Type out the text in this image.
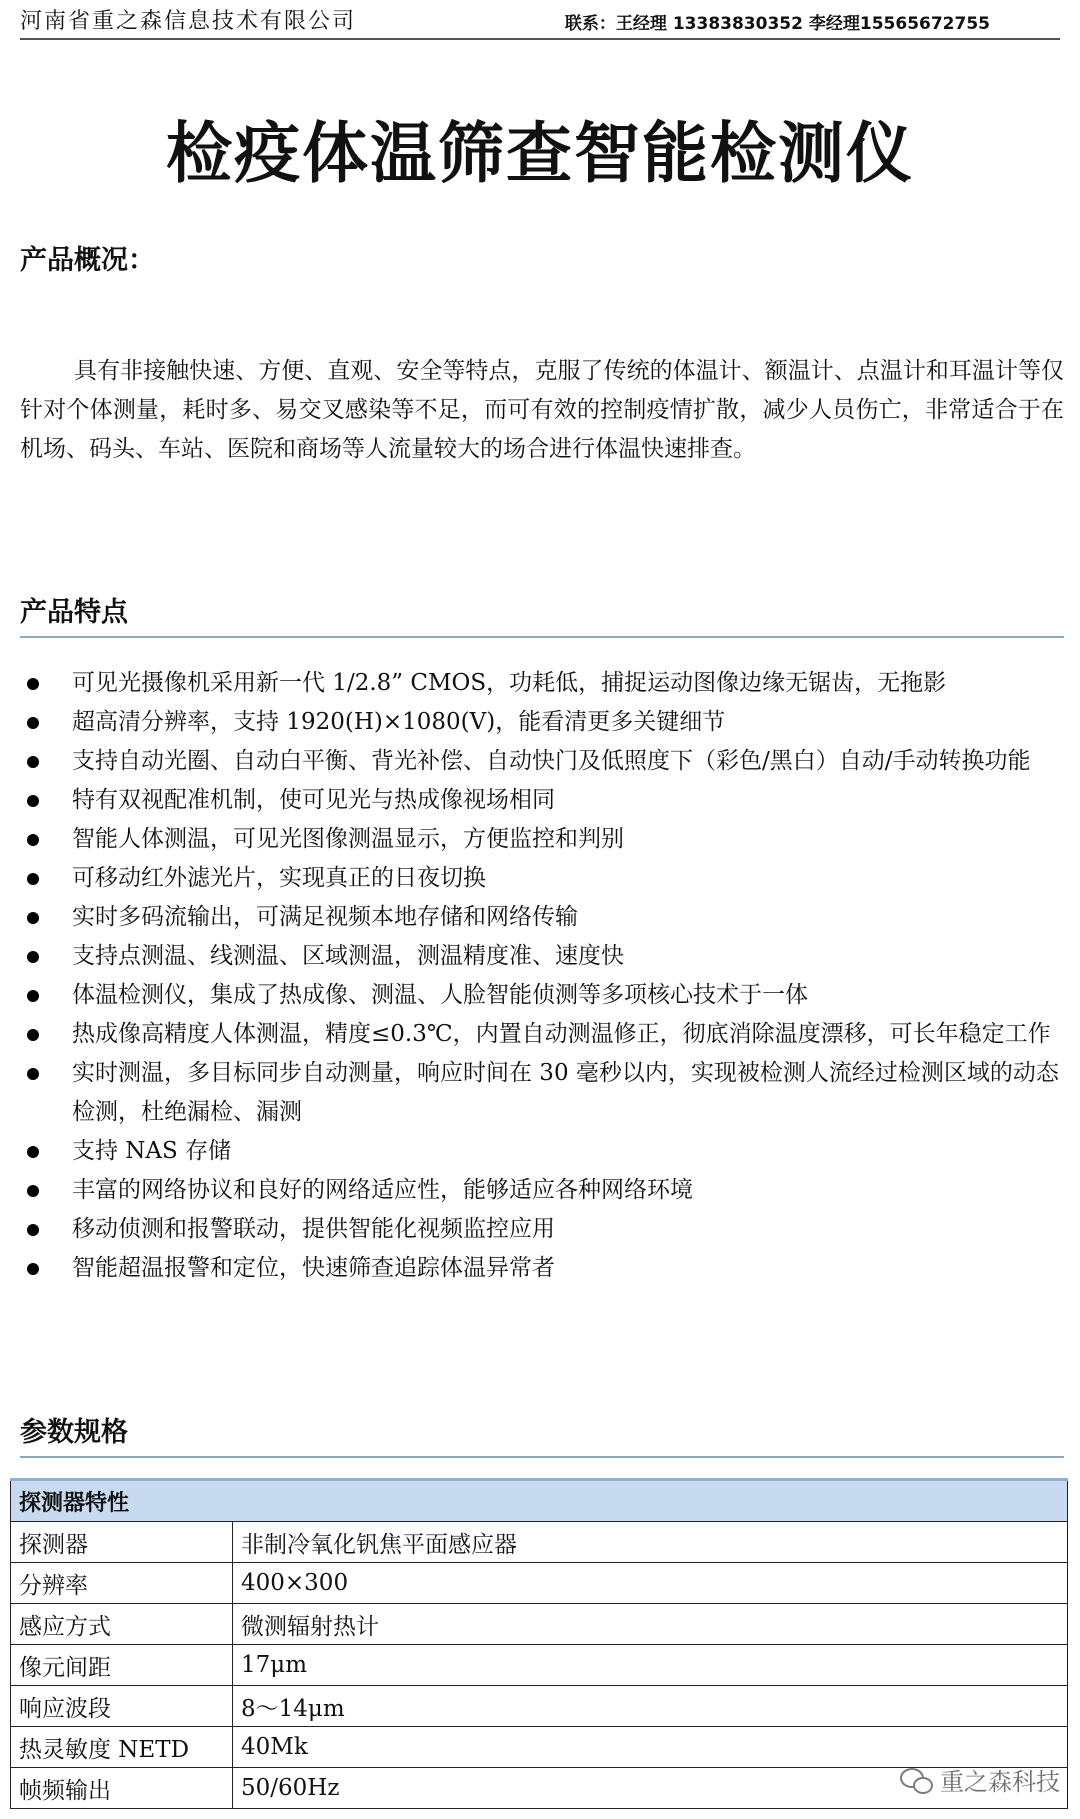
河南省重之森信息技术有限公司	联系：王经理 13383830352 李经理15565672755
检疫体温筛查智能检测仪
产品概况：
具有非接触快速、方便、直观、安全等特点，克服了传统的体温计、额温计、点温计和耳温计等仅针对个体测量，耗时多、易交叉感染等不足，而可有效的控制疫情扩散，减少人员伤亡，非常适合于在机场、码头、车站、医院和商场等人流量较大的场合进行体温快速排查。
产品特点
可见光摄像机采用新一代 1/2.8” CMOS，功耗低，捕捉运动图像边缘无锯齿，无拖影
超高清分辨率，支持 1920(H)×1080(V)，能看清更多关键细节
支持自动光圈、自动白平衡、背光补偿、自动快门及低照度下（彩色/黑白）自动/手动转换功能
特有双视配准机制，使可见光与热成像视场相同
智能人体测温，可见光图像测温显示，方便监控和判别
可移动红外滤光片，实现真正的日夜切换
实时多码流输出，可满足视频本地存储和网络传输
支持点测温、线测温、区域测温，测温精度准、速度快
体温检测仪，集成了热成像、测温、人脸智能侦测等多项核心技术于一体
热成像高精度人体测温，精度≤0.3℃，内置自动测温修正，彻底消除温度漂移，可长年稳定工作
实时测温，多目标同步自动测量，响应时间在 30 毫秒以内，实现被检测人流经过检测区域的动态检测，杜绝漏检、漏测
支持 NAS 存储
丰富的网络协议和良好的网络适应性，能够适应各种网络环境
移动侦测和报警联动，提供智能化视频监控应用
智能超温报警和定位，快速筛查追踪体温异常者
参数规格
探测器特性	
探测器	非制冷氧化钒焦平面感应器
分辨率	400×300
感应方式	微测辐射热计
像元间距	17μm
响应波段	8～14μm
热灵敏度 NETD	40Mk
帧频输出	50/60Hz	重之森科技
